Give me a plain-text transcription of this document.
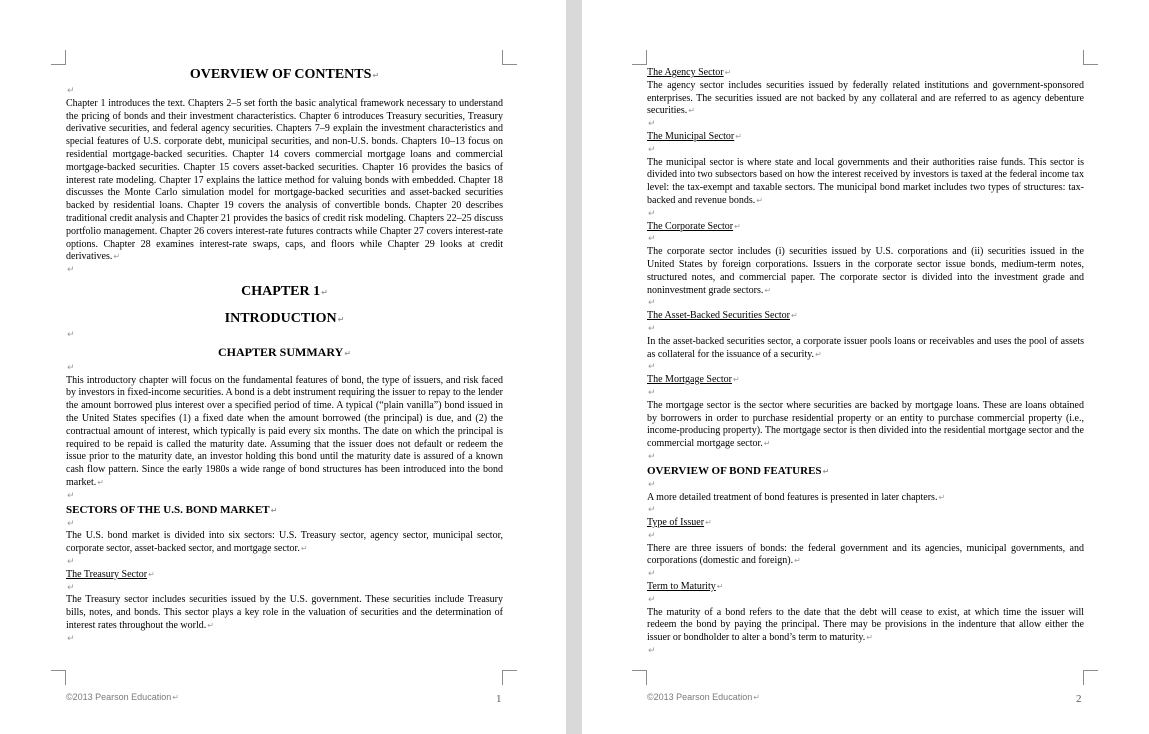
OVERVIEW OF CONTENTS↵
↵

Chapter 1 introduces the text. Chapters 2–5 set forth the basic analytical framework necessary to understand the pricing of bonds and their investment characteristics. Chapter 6 introduces Treasury securities, Treasury derivative securities, and federal agency securities. Chapters 7–9 explain the investment characteristics and special features of U.S. corporate debt, municipal securities, and non-U.S. bonds. Chapters 10–13 focus on residential mortgage-backed securities. Chapter 14 covers commercial mortgage loans and commercial mortgage-backed securities. Chapter 15 covers asset-backed securities. Chapter 16 provides the basics of interest rate modeling. Chapter 17 explains the lattice method for valuing bonds with embedded. Chapter 18 discusses the Monte Carlo simulation model for mortgage-backed securities and asset-backed securities backed by residential loans. Chapter 19 covers the analysis of convertible bonds. Chapter 20 describes traditional credit analysis and Chapter 21 provides the basics of credit risk modeling. Chapters 22–25 discuss portfolio management. Chapter 26 covers interest-rate futures contracts while Chapter 27 covers interest-rate options. Chapter 28 examines interest-rate swaps, caps, and floors while Chapter 29 looks at credit derivatives.↵

↵
CHAPTER 1↵
INTRODUCTION↵
↵
CHAPTER SUMMARY↵
↵

This introductory chapter will focus on the fundamental features of bond, the type of issuers, and risk faced by investors in fixed-income securities. A bond is a debt instrument requiring the issuer to repay to the lender the amount borrowed plus interest over a specified period of time. A typical (“plain vanilla”) bond issued in the United States specifies (1) a fixed date when the amount borrowed (the principal) is due, and (2) the contractual amount of interest, which typically is paid every six months. The date on which the principal is required to be repaid is called the maturity date. Assuming that the issuer does not default or redeem the issue prior to the maturity date, an investor holding this bond until the maturity date is assured of a known cash flow pattern. Since the early 1980s a wide range of bond structures has been introduced into the bond market.↵

↵
SECTORS OF THE U.S. BOND MARKET↵
↵

The U.S. bond market is divided into six sectors: U.S. Treasury sector, agency sector, municipal sector, corporate sector, asset-backed sector, and mortgage sector.↵

↵
The Treasury Sector↵
↵

The Treasury sector includes securities issued by the U.S. government. These securities include Treasury bills, notes, and bonds. This sector plays a key role in the valuation of securities and the determination of interest rates throughout the world.↵

↵
©2013 Pearson Education↵	1
The Agency Sector↵

The agency sector includes securities issued by federally related institutions and government-sponsored enterprises. The securities issued are not backed by any collateral and are referred to as agency debenture securities.↵

↵
The Municipal Sector↵
↵

The municipal sector is where state and local governments and their authorities raise funds. This sector is divided into two subsectors based on how the interest received by investors is taxed at the federal income tax level: the tax-exempt and taxable sectors. The municipal bond market includes two types of structures: tax-backed and revenue bonds.↵

↵
The Corporate Sector↵
↵

The corporate sector includes (i) securities issued by U.S. corporations and (ii) securities issued in the United States by foreign corporations. Issuers in the corporate sector issue bonds, medium-term notes, structured notes, and commercial paper. The corporate sector is divided into the investment grade and noninvestment grade sectors.↵

↵
The Asset-Backed Securities Sector↵
↵

In the asset-backed securities sector, a corporate issuer pools loans or receivables and uses the pool of assets as collateral for the issuance of a security.↵

↵
The Mortgage Sector↵
↵

The mortgage sector is the sector where securities are backed by mortgage loans. These are loans obtained by borrowers in order to purchase residential property or an entity to purchase commercial property (i.e., income-producing property). The mortgage sector is then divided into the residential mortgage sector and the commercial mortgage sector.↵

↵
OVERVIEW OF BOND FEATURES↵
↵

A more detailed treatment of bond features is presented in later chapters.↵

↵
Type of Issuer↵
↵

There are three issuers of bonds: the federal government and its agencies, municipal governments, and corporations (domestic and foreign).↵

↵
Term to Maturity↵
↵

The maturity of a bond refers to the date that the debt will cease to exist, at which time the issuer will redeem the bond by paying the principal. There may be provisions in the indenture that allow either the issuer or bondholder to alter a bond’s term to maturity.↵

↵
©2013 Pearson Education↵	2
